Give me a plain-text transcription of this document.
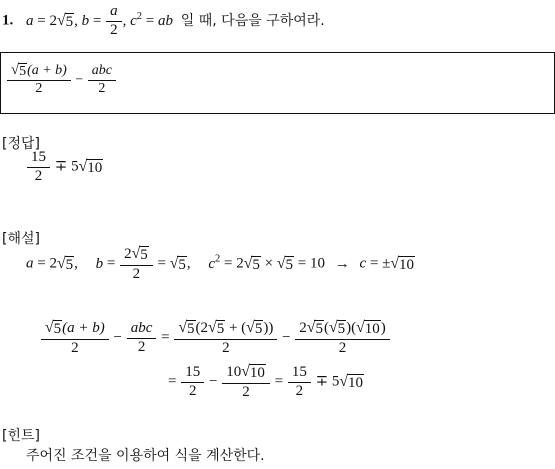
1. a = 2 √ 5 , $b = \frac{a}{2}$ , $c^2$ = ab 일 때, 다음을 구하여라.
$\frac{√ 5 (a + b)}{2} - \frac{\text{abc}}{2}$
[정답]
$\frac{15}{2} \mp 5$ √ 10
[해설]
a = 2 √ 5 , $b = \frac{2 √ 5}{2}$ = √ 5 , $c^2 = 2$ √ 5 × √ 5 = 10 → c = ± √ 10
$\frac{√ 5 (a + b)}{2} - \frac{\text{abc}}{2} = \frac{√ 5 (2 √ 5 + ( √ 5 ))}{2} - \frac{2 √ 5 ( √ 5 )( √ 10 )}{2}$
= $\frac{15}{2} - \frac{10 √ 10}{2} = \frac{15}{2} \mp 5$ √ 10
[힌트]
주어진 조건을 이용하여 식을 계산한다.
